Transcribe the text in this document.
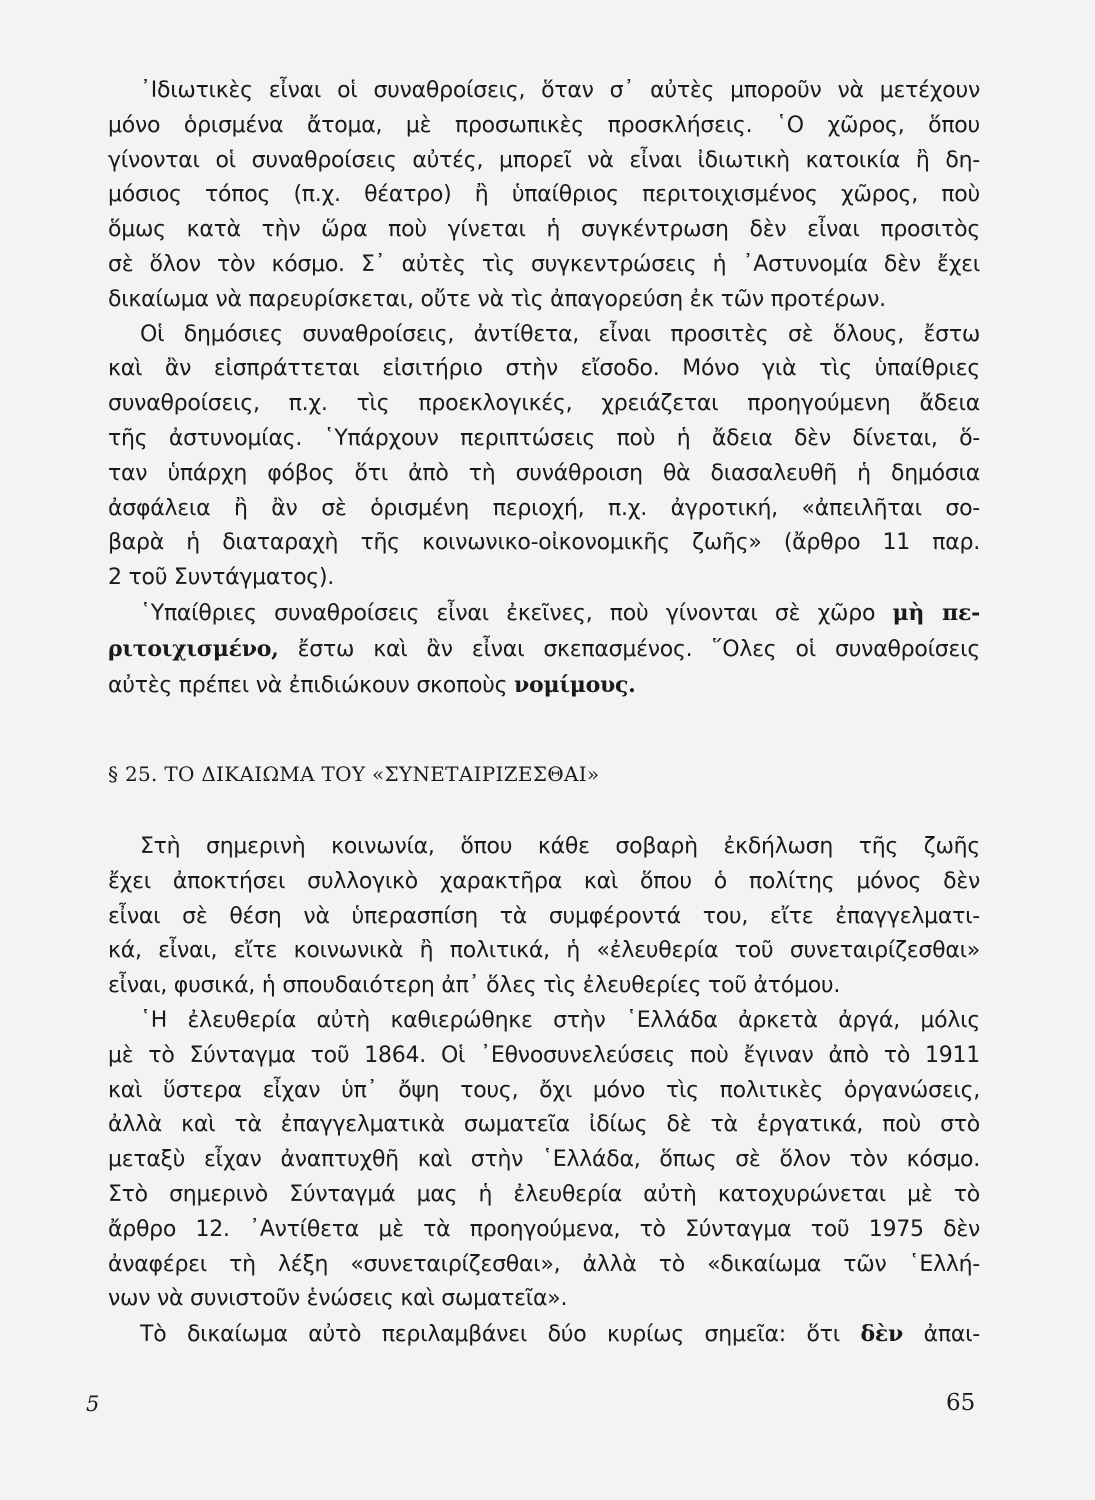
᾽Ιδιωτικὲς εἶναι οἱ συναθροίσεις, ὅταν σ᾽ αὐτὲς μποροῦν νὰ μετέχουν
μόνο ὁρισμένα ἄτομα, μὲ προσωπικὲς προσκλήσεις. ῾Ο χῶρος, ὅπου
γίνονται οἱ συναθροίσεις αὐτές, μπορεῖ νὰ εἶναι ἰδιωτικὴ κατοικία ἢ δη-
μόσιος τόπος (π.χ. θέατρο) ἢ ὑπαίθριος περιτοιχισμένος χῶρος, ποὺ
ὅμως κατὰ τὴν ὥρα ποὺ γίνεται ἡ συγκέντρωση δὲν εἶναι προσιτὸς
σὲ ὅλον τὸν κόσμο. Σ᾽ αὐτὲς τὶς συγκεντρώσεις ἡ ᾽Αστυνομία δὲν ἔχει
δικαίωμα νὰ παρευρίσκεται, οὔτε νὰ τὶς ἀπαγορεύση ἐκ τῶν προτέρων.
Οἱ δημόσιες συναθροίσεις, ἀντίθετα, εἶναι προσιτὲς σὲ ὅλους, ἔστω
καὶ ἂν εἰσπράττεται εἰσιτήριο στὴν εἴσοδο. Μόνο γιὰ τὶς ὑπαίθριες
συναθροίσεις, π.χ. τὶς προεκλογικές, χρειάζεται προηγούμενη ἄδεια
τῆς ἀστυνομίας. ῾Υπάρχουν περιπτώσεις ποὺ ἡ ἄδεια δὲν δίνεται, ὅ-
ταν ὑπάρχη φόβος ὅτι ἀπὸ τὴ συνάθροιση θὰ διασαλευθῆ ἡ δημόσια
ἀσφάλεια ἢ ἂν σὲ ὁρισμένη περιοχή, π.χ. ἀγροτική, «ἀπειλῆται σο-
βαρὰ ἡ διαταραχὴ τῆς κοινωνικο-οἰκονομικῆς ζωῆς» (ἄρθρο 11 παρ.
2 τοῦ Συντάγματος).
῾Υπαίθριες συναθροίσεις εἶναι ἐκεῖνες, ποὺ γίνονται σὲ χῶρο μὴ πε-
ριτοιχισμένο, ἔστω καὶ ἂν εἶναι σκεπασμένος. ῞Ολες οἱ συναθροίσεις
αὐτὲς πρέπει νὰ ἐπιδιώκουν σκοποὺς νομίμους.
§ 25. ΤΟ ΔΙΚΑΙΩΜΑ ΤΟΥ «ΣΥΝΕΤΑΙΡΙΖΕΣΘΑΙ»
Στὴ σημερινὴ κοινωνία, ὅπου κάθε σοβαρὴ ἐκδήλωση τῆς ζωῆς
ἔχει ἀποκτήσει συλλογικὸ χαρακτῆρα καὶ ὅπου ὁ πολίτης μόνος δὲν
εἶναι σὲ θέση νὰ ὑπερασπίση τὰ συμφέροντά του, εἴτε ἐπαγγελματι-
κά, εἶναι, εἴτε κοινωνικὰ ἢ πολιτικά, ἡ «ἐλευθερία τοῦ συνεταιρίζεσθαι»
εἶναι, φυσικά, ἡ σπουδαιότερη ἀπ᾽ ὅλες τὶς ἐλευθερίες τοῦ ἀτόμου.
῾Η ἐλευθερία αὐτὴ καθιερώθηκε στὴν ῾Ελλάδα ἀρκετὰ ἀργά, μόλις
μὲ τὸ Σύνταγμα τοῦ 1864. Οἱ ᾽Εθνοσυνελεύσεις ποὺ ἔγιναν ἀπὸ τὸ 1911
καὶ ὕστερα εἶχαν ὑπ᾽ ὄψη τους, ὄχι μόνο τὶς πολιτικὲς ὀργανώσεις,
ἀλλὰ καὶ τὰ ἐπαγγελματικὰ σωματεῖα ἰδίως δὲ τὰ ἐργατικά, ποὺ στὸ
μεταξὺ εἶχαν ἀναπτυχθῆ καὶ στὴν ῾Ελλάδα, ὅπως σὲ ὅλον τὸν κόσμο.
Στὸ σημερινὸ Σύνταγμά μας ἡ ἐλευθερία αὐτὴ κατοχυρώνεται μὲ τὸ
ἄρθρο 12. ᾽Αντίθετα μὲ τὰ προηγούμενα, τὸ Σύνταγμα τοῦ 1975 δὲν
ἀναφέρει τὴ λέξη «συνεταιρίζεσθαι», ἀλλὰ τὸ «δικαίωμα τῶν ῾Ελλή-
νων νὰ συνιστοῦν ἑνώσεις καὶ σωματεῖα».
Τὸ δικαίωμα αὐτὸ περιλαμβάνει δύο κυρίως σημεῖα: ὅτι δὲν ἀπαι-
5	65
